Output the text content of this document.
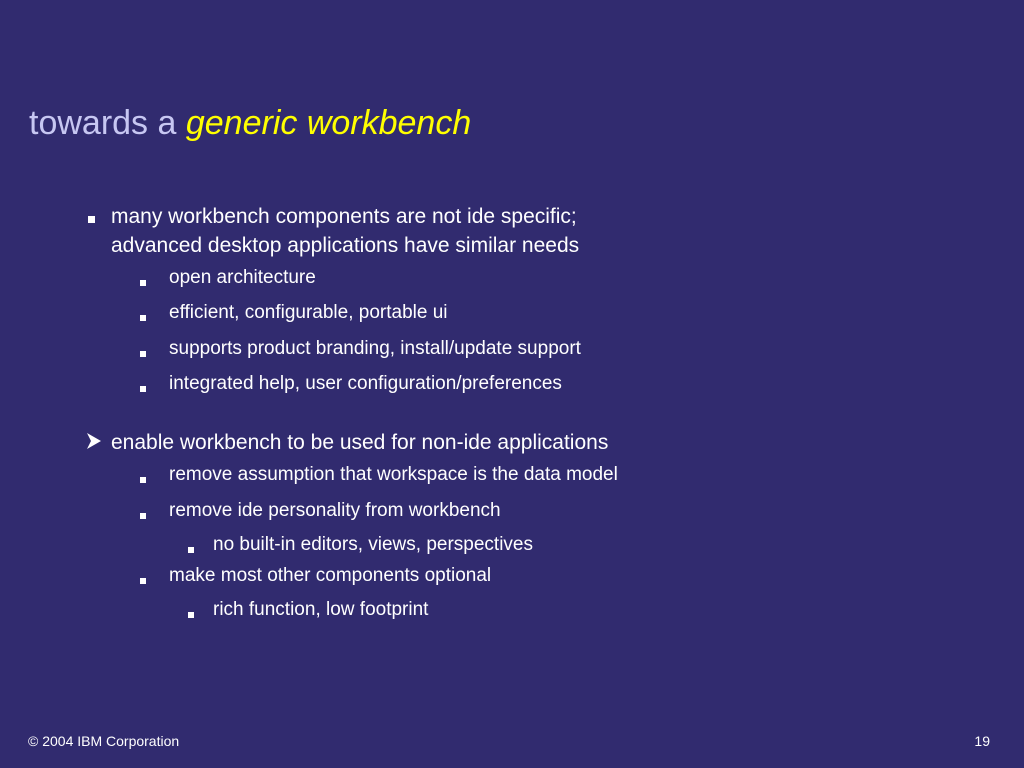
towards a generic workbench
many workbench components are not ide specific;
advanced desktop applications have similar needs
open architecture
efficient, configurable, portable ui
supports product branding, install/update support
integrated help, user configuration/preferences
enable workbench to be used for non-ide applications
remove assumption that workspace is the data model
remove ide personality from workbench
no built-in editors, views, perspectives
make most other components optional
rich function, low footprint
© 2004 IBM Corporation	19
